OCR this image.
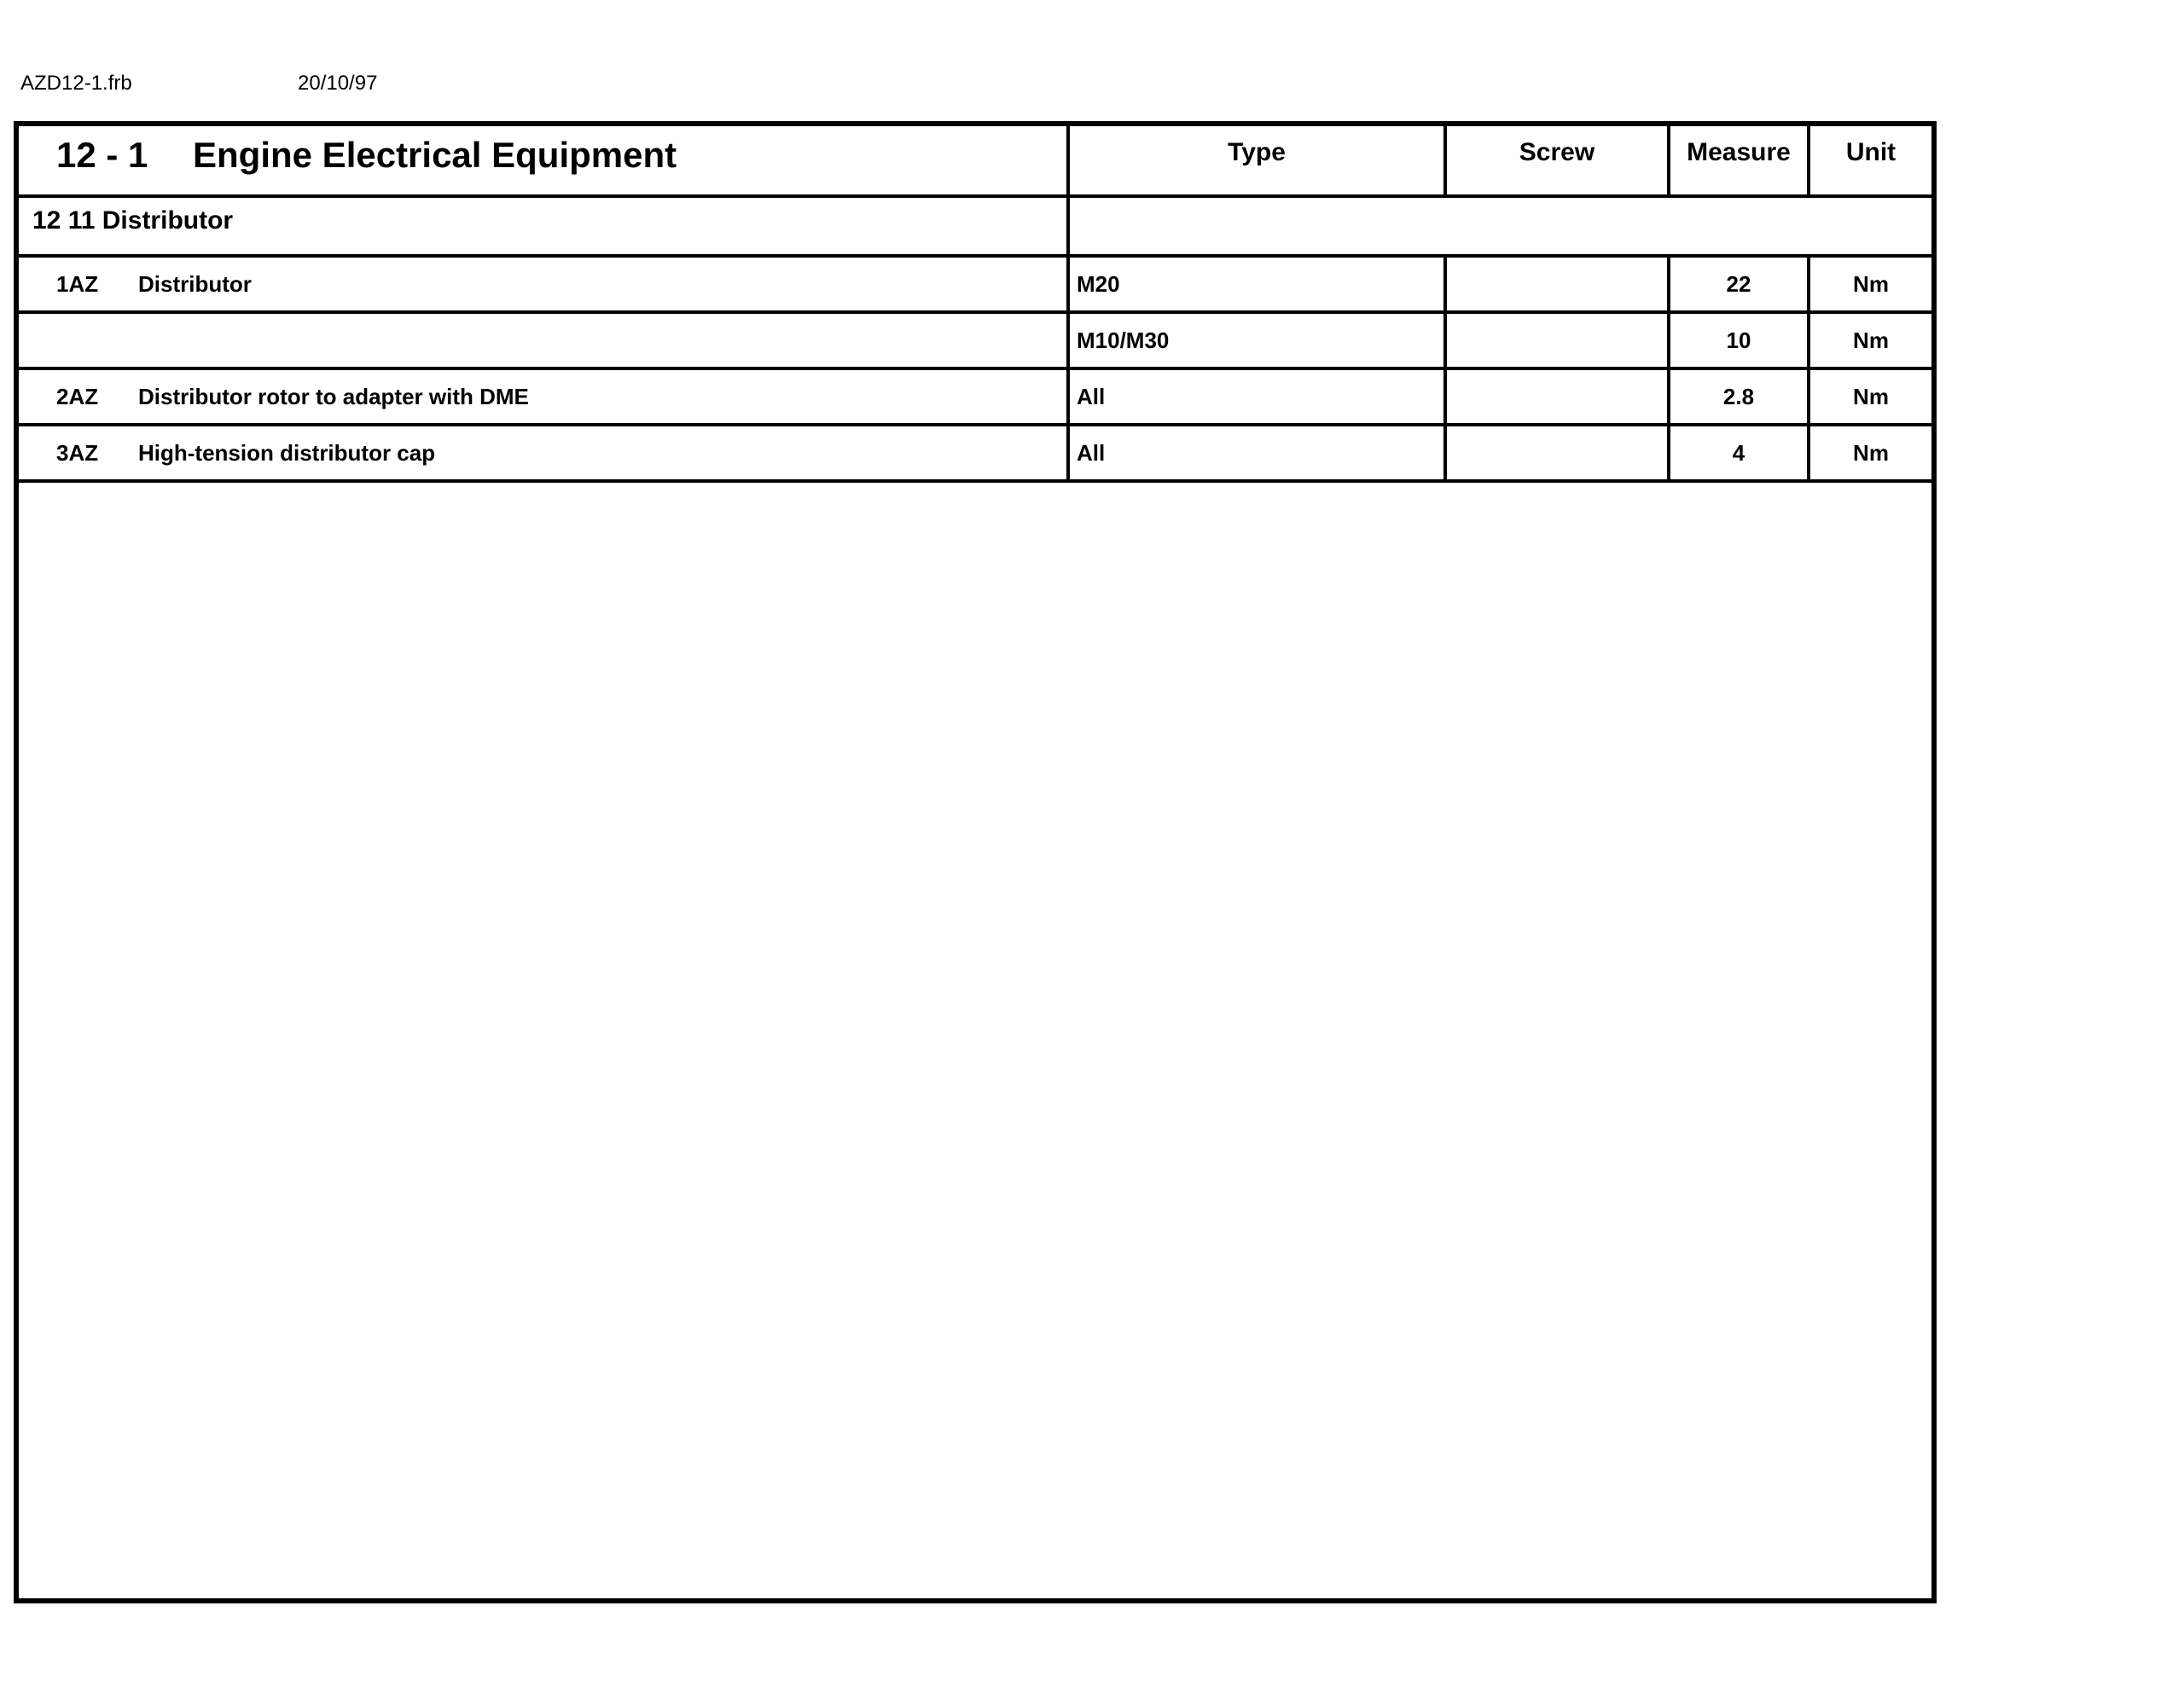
AZD12-1.frb	20/10/97
12 - 1 Engine Electrical Equipment	Type	Screw	Measure	Unit
12 11 Distributor				
1AZ Distributor	M20		22	Nm
	M10/M30		10	Nm
2AZ Distributor rotor to adapter with DME	All		2.8	Nm
3AZ High-tension distributor cap	All		4	Nm
